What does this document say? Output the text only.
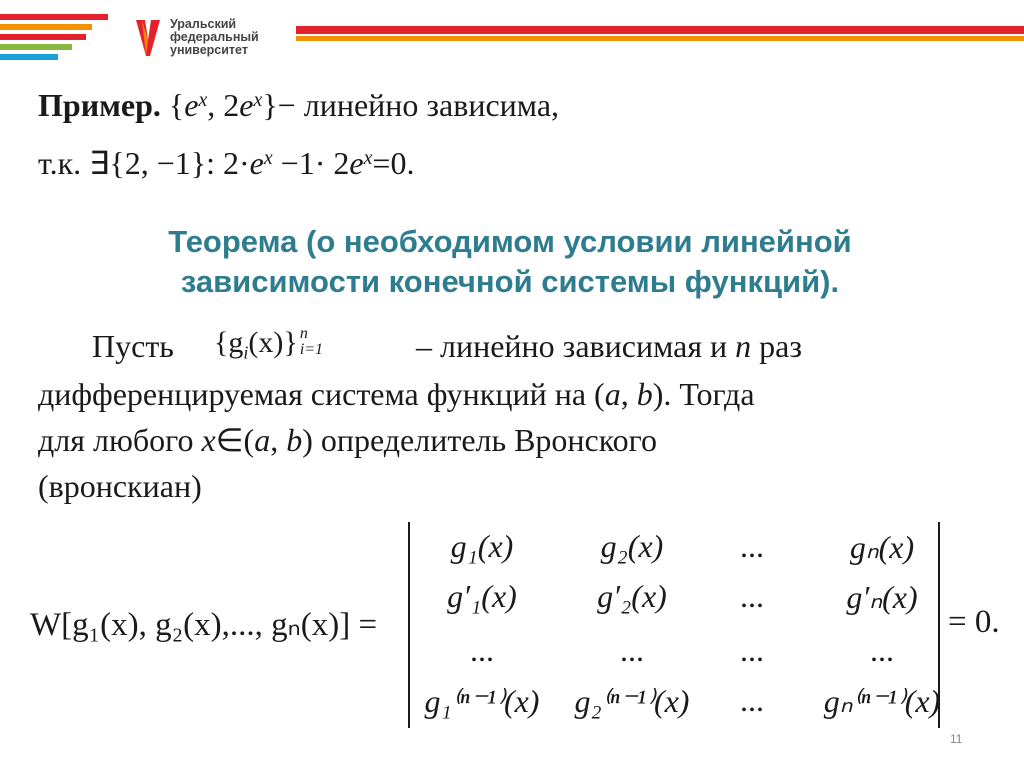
Уральский
федеральный
университет
Пример. {$e^x$, $2e^x\}-$ линейно зависима,
т.к. ∃{2, −1}: $2\cdot e^x -1\cdot 2e^x=0$.
Теорема (о необходимом условии линейной
зависимости конечной системы функций).
Пусть $\{g_i(x)\}$ n
i=1	– линейно зависимая и n раз
дифференцируемая система функций на (a, b). Тогда
для любого x∈(a, b) определитель Вронского
(вронскиан)
W[g₁(x), g₂(x),..., gₙ(x)] =
g₁(x)	g₂(x)	...	gₙ(x)
g′₁(x)	g′₂(x)	...	g′ₙ(x)
...	...	...	...
g₁⁽ⁿ⁻¹⁾(x)	g₂⁽ⁿ⁻¹⁾(x)	...	gₙ⁽ⁿ⁻¹⁾(x)
= 0.
11
